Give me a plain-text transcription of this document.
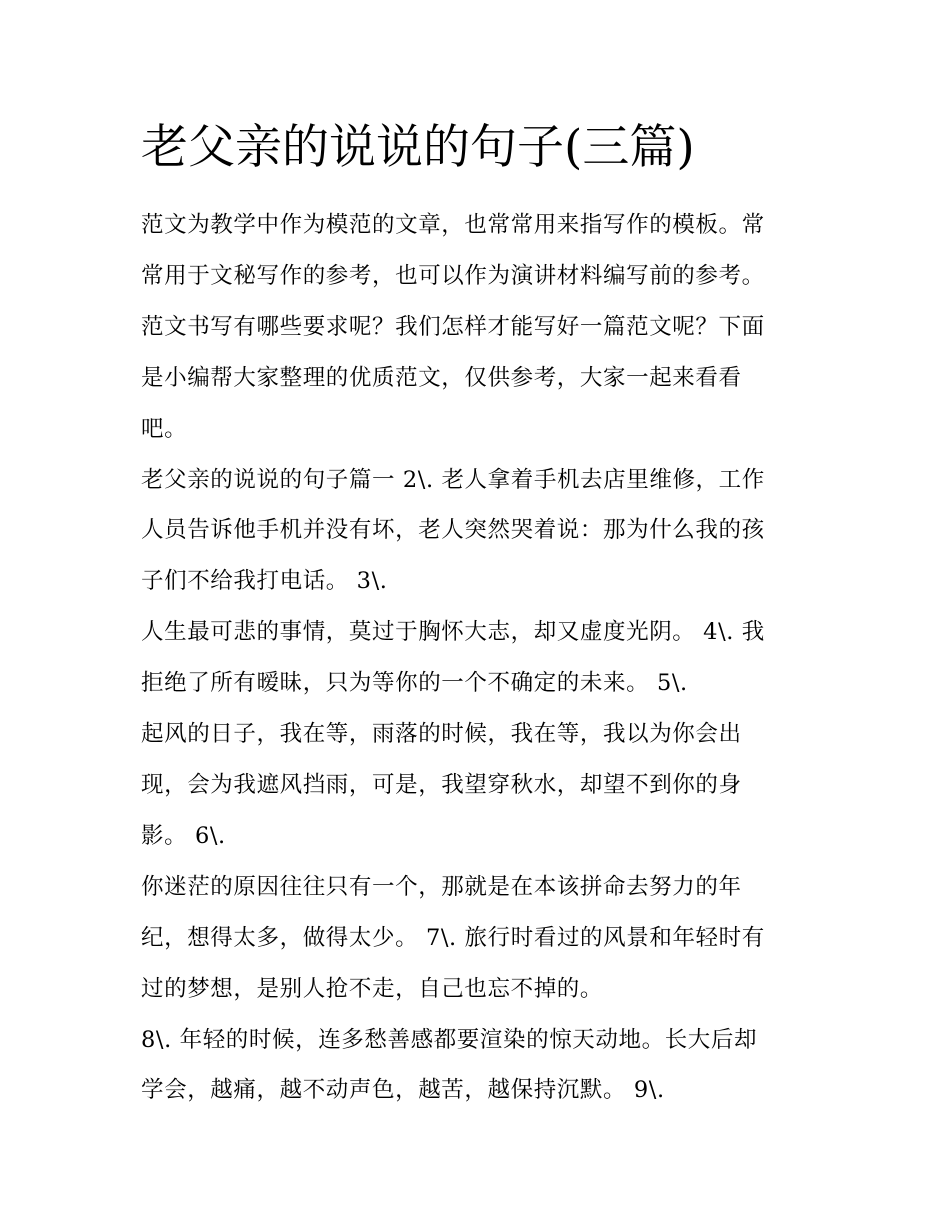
老父亲的说说的句子(三篇)

范文为教学中作为模范的文章，也常常用来指写作的模板。常
常用于文秘写作的参考，也可以作为演讲材料编写前的参考。
范文书写有哪些要求呢？我们怎样才能写好一篇范文呢？下面
是小编帮大家整理的优质范文，仅供参考，大家一起来看看
吧。

老父亲的说说的句子篇一 2\. 老人拿着手机去店里维修，工作
人员告诉他手机并没有坏，老人突然哭着说：那为什么我的孩
子们不给我打电话。 3\.

人生最可悲的事情，莫过于胸怀大志，却又虚度光阴。 4\. 我
拒绝了所有暧昧，只为等你的一个不确定的未来。 5\.

起风的日子，我在等，雨落的时候，我在等，我以为你会出
现，会为我遮风挡雨，可是，我望穿秋水，却望不到你的身
影。 6\.

你迷茫的原因往往只有一个，那就是在本该拼命去努力的年
纪，想得太多，做得太少。 7\. 旅行时看过的风景和年轻时有
过的梦想，是别人抢不走，自己也忘不掉的。

8\. 年轻的时候，连多愁善感都要渲染的惊天动地。长大后却
学会，越痛，越不动声色，越苦，越保持沉默。 9\.
